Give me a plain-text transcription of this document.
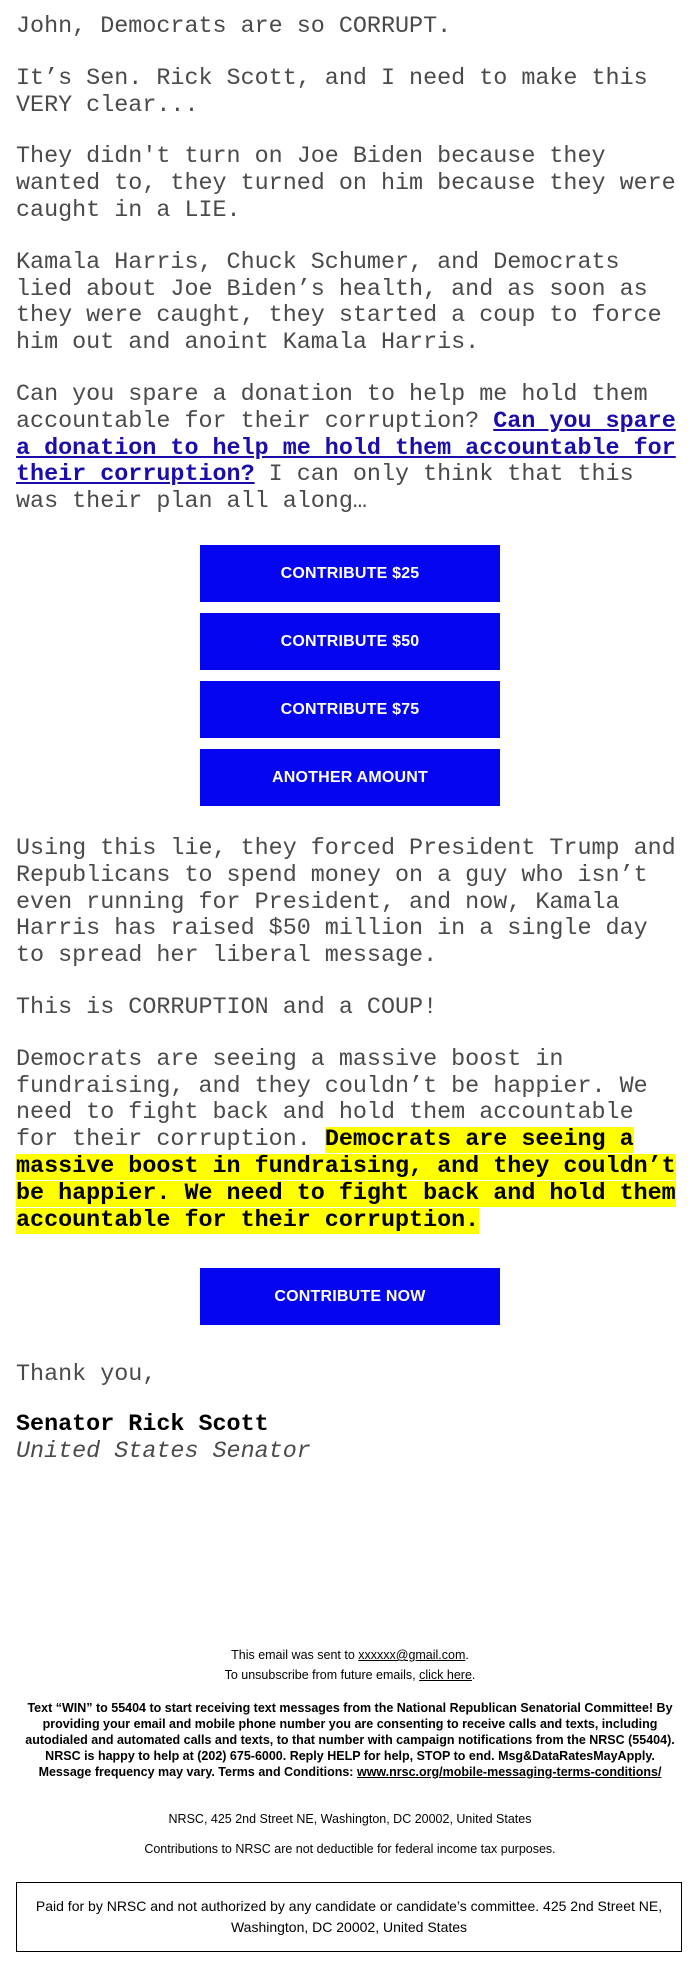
John, Democrats are so CORRUPT.

It’s Sen. Rick Scott, and I need to make this VERY clear...

They didn't turn on Joe Biden because they wanted to, they turned on him because they were caught in a LIE.

Kamala Harris, Chuck Schumer, and Democrats lied about Joe Biden’s health, and as soon as they were caught, they started a coup to force him out and anoint Kamala Harris.

Can you spare a donation to help me hold them accountable for their corruption? Can you spare a donation to help me hold them accountable for their corruption? I can only think that this was their plan all along…

CONTRIBUTE $25
CONTRIBUTE $50
CONTRIBUTE $75
ANOTHER AMOUNT

Using this lie, they forced President Trump and Republicans to spend money on a guy who isn’t even running for President, and now, Kamala Harris has raised $50 million in a single day to spread her liberal message.

This is CORRUPTION and a COUP!

Democrats are seeing a massive boost in fundraising, and they couldn’t be happier. We need to fight back and hold them accountable for their corruption. Democrats are seeing a massive boost in fundraising, and they couldn’t be happier. We need to fight back and hold them accountable for their corruption.

CONTRIBUTE NOW
Thank you,
Senator Rick Scott
United States Senator
This email was sent to xxxxxx@gmail.com.
To unsubscribe from future emails, click here.
Text “WIN” to 55404 to start receiving text messages from the National Republican Senatorial Committee! By providing your email and mobile phone number you are consenting to receive calls and texts, including autodialed and automated calls and texts, to that number with campaign notifications from the NRSC (55404). NRSC is happy to help at (202) 675-6000. Reply HELP for help, STOP to end. Msg&DataRatesMayApply. Message frequency may vary. Terms and Conditions: www.nrsc.org/mobile-messaging-terms-conditions/
NRSC, 425 2nd Street NE, Washington, DC 20002, United States
Contributions to NRSC are not deductible for federal income tax purposes.
Paid for by NRSC and not authorized by any candidate or candidate’s committee. 425 2nd Street NE, Washington, DC 20002, United States
